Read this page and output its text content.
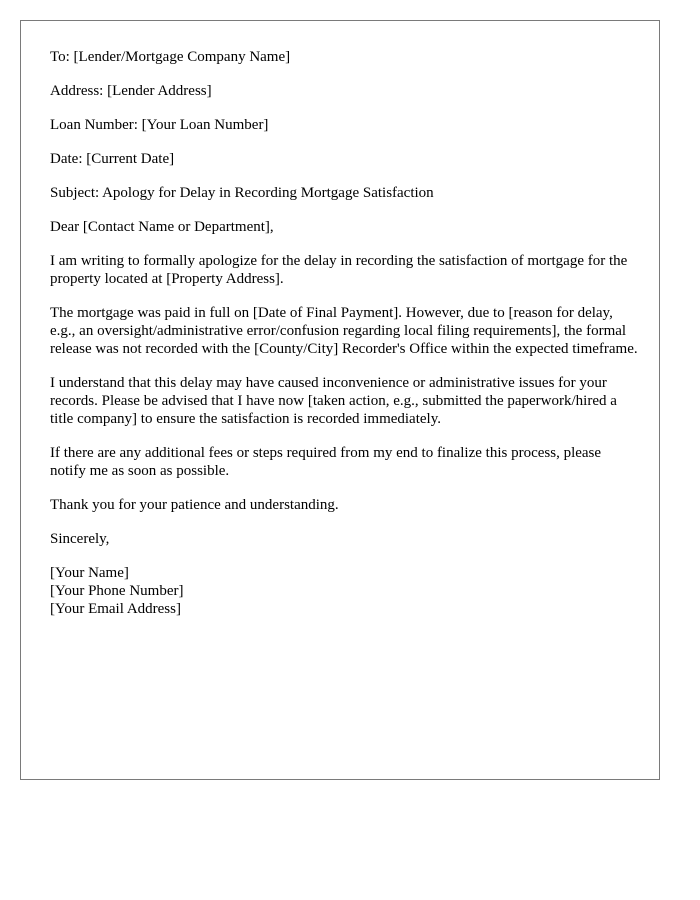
To: [Lender/Mortgage Company Name]

Address: [Lender Address]

Loan Number: [Your Loan Number]

Date: [Current Date]

Subject: Apology for Delay in Recording Mortgage Satisfaction

Dear [Contact Name or Department],

I am writing to formally apologize for the delay in recording the satisfaction of mortgage for the property located at [Property Address].

The mortgage was paid in full on [Date of Final Payment]. However, due to [reason for delay, e.g., an oversight/administrative error/confusion regarding local filing requirements], the formal release was not recorded with the [County/City] Recorder's Office within the expected timeframe.

I understand that this delay may have caused inconvenience or administrative issues for your records. Please be advised that I have now [taken action, e.g., submitted the paperwork/hired a title company] to ensure the satisfaction is recorded immediately.

If there are any additional fees or steps required from my end to finalize this process, please notify me as soon as possible.

Thank you for your patience and understanding.

Sincerely,

[Your Name]

[Your Phone Number]

[Your Email Address]
